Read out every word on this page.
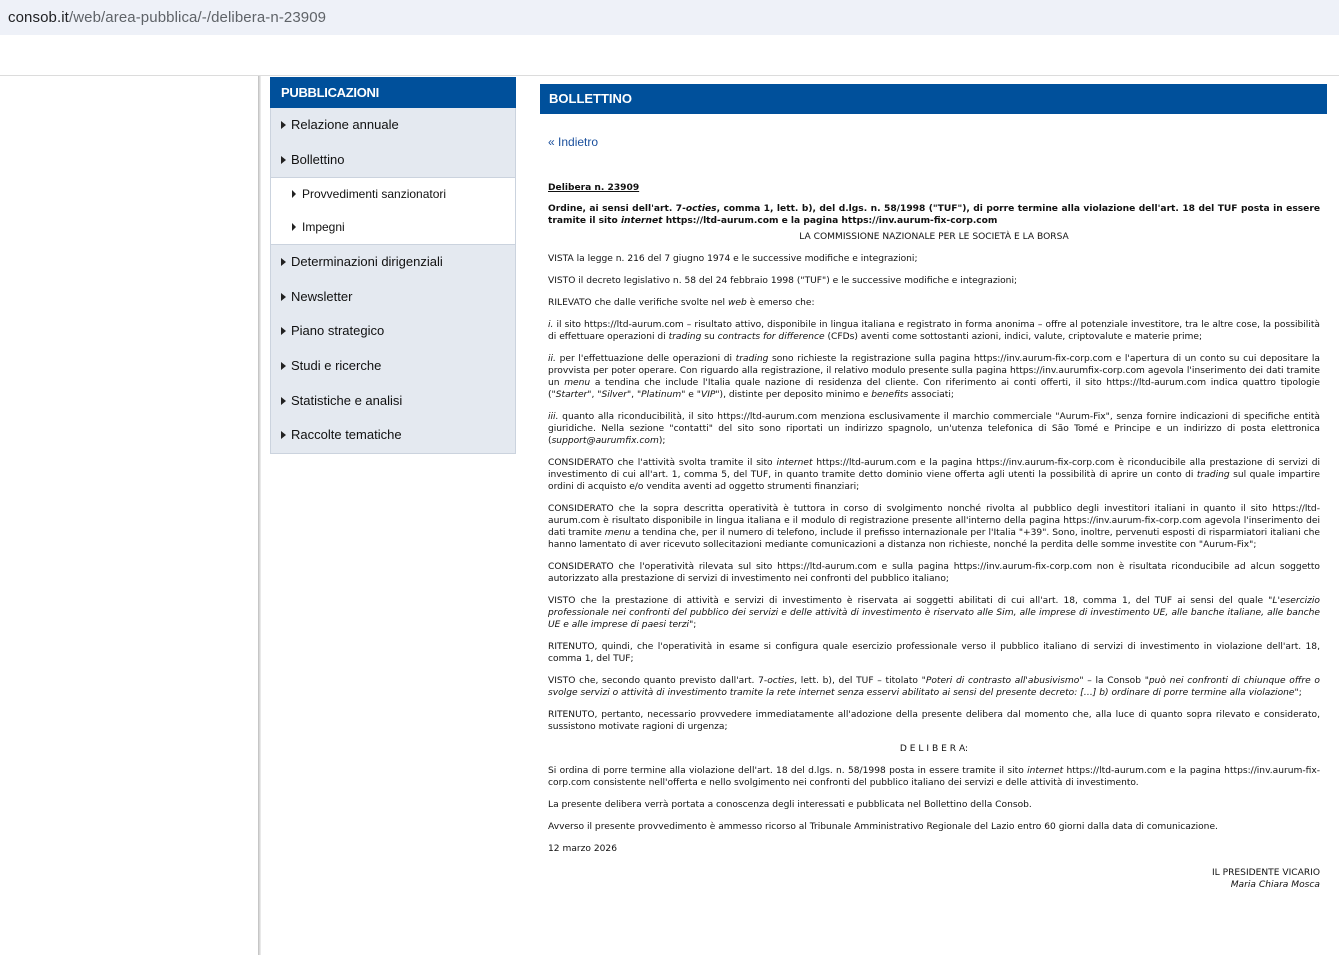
consob.it/web/area-pubblica/-/delibera-n-23909
PUBBLICAZIONI
Relazione annuale
Bollettino
Provvedimenti sanzionatori
Impegni
Determinazioni dirigenziali
Newsletter
Piano strategico
Studi e ricerche
Statistiche e analisi
Raccolte tematiche
BOLLETTINO
« Indietro

Delibera n. 23909

Ordine, ai sensi dell'art. 7-octies, comma 1, lett. b), del d.lgs. n. 58/1998 ("TUF"), di porre termine alla violazione dell'art. 18 del TUF posta in essere tramite il sito internet https://ltd-aurum.com e la pagina https://inv.aurum-fix-corp.com

LA COMMISSIONE NAZIONALE PER LE SOCIETÀ E LA BORSA

VISTA la legge n. 216 del 7 giugno 1974 e le successive modifiche e integrazioni;

VISTO il decreto legislativo n. 58 del 24 febbraio 1998 ("TUF") e le successive modifiche e integrazioni;

RILEVATO che dalle verifiche svolte nel web è emerso che:

i. il sito https://ltd-aurum.com – risultato attivo, disponibile in lingua italiana e registrato in forma anonima – offre al potenziale investitore, tra le altre cose, la possibilità di effettuare operazioni di trading su contracts for difference (CFDs) aventi come sottostanti azioni, indici, valute, criptovalute e materie prime;

ii. per l'effettuazione delle operazioni di trading sono richieste la registrazione sulla pagina https://inv.aurum-fix-corp.com e l'apertura di un conto su cui depositare la provvista per poter operare. Con riguardo alla registrazione, il relativo modulo presente sulla pagina https://inv.aurumfix-corp.com agevola l'inserimento dei dati tramite un menu a tendina che include l'Italia quale nazione di residenza del cliente. Con riferimento ai conti offerti, il sito https://ltd-aurum.com indica quattro tipologie ("Starter", "Silver", "Platinum" e "VIP"), distinte per deposito minimo e benefits associati;

iii. quanto alla riconducibilità, il sito https://ltd-aurum.com menziona esclusivamente il marchio commerciale "Aurum-Fix", senza fornire indicazioni di specifiche entità giuridiche. Nella sezione "contatti" del sito sono riportati un indirizzo spagnolo, un'utenza telefonica di São Tomé e Principe e un indirizzo di posta elettronica (support@aurumfix.com);

CONSIDERATO che l'attività svolta tramite il sito internet https://ltd-aurum.com e la pagina https://inv.aurum-fix-corp.com è riconducibile alla prestazione di servizi di investimento di cui all'art. 1, comma 5, del TUF, in quanto tramite detto dominio viene offerta agli utenti la possibilità di aprire un conto di trading sul quale impartire ordini di acquisto e/o vendita aventi ad oggetto strumenti finanziari;

CONSIDERATO che la sopra descritta operatività è tuttora in corso di svolgimento nonché rivolta al pubblico degli investitori italiani in quanto il sito https://ltd-aurum.com è risultato disponibile in lingua italiana e il modulo di registrazione presente all'interno della pagina https://inv.aurum-fix-corp.com agevola l'inserimento dei dati tramite menu a tendina che, per il numero di telefono, include il prefisso internazionale per l'Italia "+39". Sono, inoltre, pervenuti esposti di risparmiatori italiani che hanno lamentato di aver ricevuto sollecitazioni mediante comunicazioni a distanza non richieste, nonché la perdita delle somme investite con "Aurum-Fix";

CONSIDERATO che l'operatività rilevata sul sito https://ltd-aurum.com e sulla pagina https://inv.aurum-fix-corp.com non è risultata riconducibile ad alcun soggetto autorizzato alla prestazione di servizi di investimento nei confronti del pubblico italiano;

VISTO che la prestazione di attività e servizi di investimento è riservata ai soggetti abilitati di cui all'art. 18, comma 1, del TUF ai sensi del quale "L'esercizio professionale nei confronti del pubblico dei servizi e delle attività di investimento è riservato alle Sim, alle imprese di investimento UE, alle banche italiane, alle banche UE e alle imprese di paesi terzi";

RITENUTO, quindi, che l'operatività in esame si configura quale esercizio professionale verso il pubblico italiano di servizi di investimento in violazione dell'art. 18, comma 1, del TUF;

VISTO che, secondo quanto previsto dall'art. 7-octies, lett. b), del TUF – titolato "Poteri di contrasto all'abusivismo" – la Consob "può nei confronti di chiunque offre o svolge servizi o attività di investimento tramite la rete internet senza esservi abilitato ai sensi del presente decreto: […] b) ordinare di porre termine alla violazione";

RITENUTO, pertanto, necessario provvedere immediatamente all'adozione della presente delibera dal momento che, alla luce di quanto sopra rilevato e considerato, sussistono motivate ragioni di urgenza;

D E L I B E R A:

Si ordina di porre termine alla violazione dell'art. 18 del d.lgs. n. 58/1998 posta in essere tramite il sito internet https://ltd-aurum.com e la pagina https://inv.aurum-fix-corp.com consistente nell'offerta e nello svolgimento nei confronti del pubblico italiano dei servizi e delle attività di investimento.

La presente delibera verrà portata a conoscenza degli interessati e pubblicata nel Bollettino della Consob.

Avverso il presente provvedimento è ammesso ricorso al Tribunale Amministrativo Regionale del Lazio entro 60 giorni dalla data di comunicazione.

12 marzo 2026

IL PRESIDENTE VICARIO
Maria Chiara Mosca
